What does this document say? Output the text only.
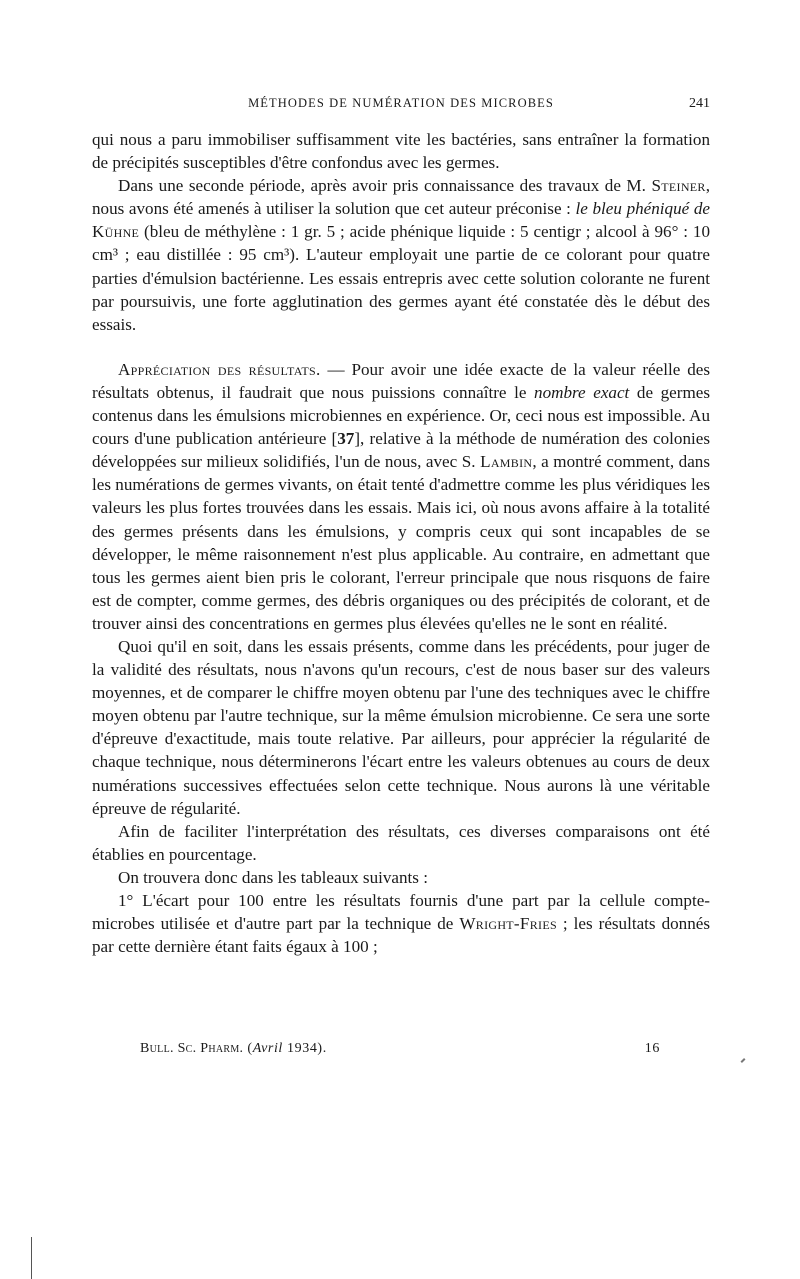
MÉTHODES DE NUMÉRATION DES MICROBES	241

qui nous a paru immobiliser suffisamment vite les bactéries, sans entraîner la formation de précipités susceptibles d'être confondus avec les germes.

Dans une seconde période, après avoir pris connaissance des travaux de M. Steiner, nous avons été amenés à utiliser la solution que cet auteur préconise : le bleu phéniqué de Kühne (bleu de méthylène : 1 gr. 5 ; acide phénique liquide : 5 centigr ; alcool à 96° : 10 cm³ ; eau distillée : 95 cm³). L'auteur employait une partie de ce colorant pour quatre parties d'émulsion bactérienne. Les essais entrepris avec cette solution colorante ne furent par poursuivis, une forte agglutination des germes ayant été constatée dès le début des essais.

Appréciation des résultats. — Pour avoir une idée exacte de la valeur réelle des résultats obtenus, il faudrait que nous puissions connaître le nombre exact de germes contenus dans les émulsions microbiennes en expérience. Or, ceci nous est impossible. Au cours d'une publication antérieure [37], relative à la méthode de numération des colonies développées sur milieux solidifiés, l'un de nous, avec S. Lambin, a montré comment, dans les numérations de germes vivants, on était tenté d'admettre comme les plus véridiques les valeurs les plus fortes trouvées dans les essais. Mais ici, où nous avons affaire à la totalité des germes présents dans les émulsions, y compris ceux qui sont incapables de se développer, le même raisonnement n'est plus applicable. Au contraire, en admettant que tous les germes aient bien pris le colorant, l'erreur principale que nous risquons de faire est de compter, comme germes, des débris organiques ou des précipités de colorant, et de trouver ainsi des concentrations en germes plus élevées qu'elles ne le sont en réalité.

Quoi qu'il en soit, dans les essais présents, comme dans les précédents, pour juger de la validité des résultats, nous n'avons qu'un recours, c'est de nous baser sur des valeurs moyennes, et de comparer le chiffre moyen obtenu par l'une des techniques avec le chiffre moyen obtenu par l'autre technique, sur la même émulsion microbienne. Ce sera une sorte d'épreuve d'exactitude, mais toute relative. Par ailleurs, pour apprécier la régularité de chaque technique, nous déterminerons l'écart entre les valeurs obtenues au cours de deux numérations successives effectuées selon cette technique. Nous aurons là une véritable épreuve de régularité.

Afin de faciliter l'interprétation des résultats, ces diverses comparaisons ont été établies en pourcentage.

On trouvera donc dans les tableaux suivants :

1° L'écart pour 100 entre les résultats fournis d'une part par la cellule compte-microbes utilisée et d'autre part par la technique de Wright-Fries ; les résultats donnés par cette dernière étant faits égaux à 100 ;

Bull. Sc. Pharm. (Avril 1934).	16
